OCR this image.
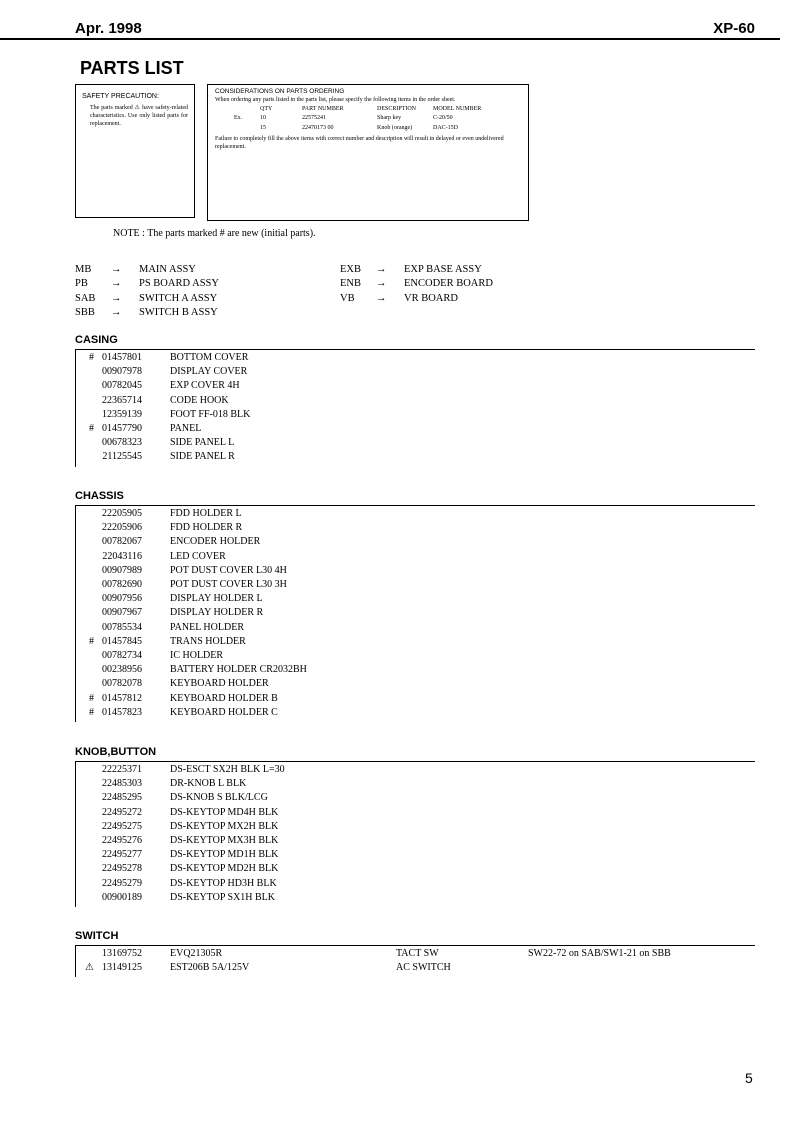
Apr. 1998	XP-60
PARTS LIST
SAFETY PRECAUTION:
The parts marked ⚠ have safety-related characteristics. Use only listed parts for replacement.
CONSIDERATIONS ON PARTS ORDERING
When ordering any parts listed in the parts list, please specify the following items in the order sheet.
QTY	PART NUMBER	DESCRIPTION	MODEL NUMBER
Ex.	10	22575241	Sharp key	C-20/50
15	22470173 00	Knob (orange)	DAC-15D
Failure to completely fill the above items with correct number and description will result in delayed or even undelivered replacement.
NOTE : The parts marked # are new (initial parts).
MB → MAIN ASSY
PB → PS BOARD ASSY
SAB → SWITCH A ASSY
SBB → SWITCH B ASSY
EXB → EXP BASE ASSY
ENB → ENCODER BOARD
VB → VR BOARD
CASING
# 01457801	BOTTOM COVER
00907978	DISPLAY COVER
00782045	EXP COVER 4H
22365714	CODE HOOK
12359139	FOOT FF-018 BLK
# 01457790	PANEL
00678323	SIDE PANEL L
21125545	SIDE PANEL R
CHASSIS
22205905	FDD HOLDER L
22205906	FDD HOLDER R
00782067	ENCODER HOLDER
22043116	LED COVER
00907989	POT DUST COVER L30 4H
00782690	POT DUST COVER L30 3H
00907956	DISPLAY HOLDER L
00907967	DISPLAY HOLDER R
00785534	PANEL HOLDER
# 01457845	TRANS HOLDER
00782734	IC HOLDER
00238956	BATTERY HOLDER CR2032BH
00782078	KEYBOARD HOLDER
# 01457812	KEYBOARD HOLDER B
# 01457823	KEYBOARD HOLDER C
KNOB,BUTTON
22225371	DS-ESCT SX2H BLK L=30
22485303	DR-KNOB L BLK
22485295	DS-KNOB S BLK/LCG
22495272	DS-KEYTOP MD4H BLK
22495275	DS-KEYTOP MX2H BLK
22495276	DS-KEYTOP MX3H BLK
22495277	DS-KEYTOP MD1H BLK
22495278	DS-KEYTOP MD2H BLK
22495279	DS-KEYTOP HD3H BLK
00900189	DS-KEYTOP SX1H BLK
SWITCH
13169752	EVQ21305R	TACT SW	SW22-72 on SAB/SW1-21 on SBB
⚠ 13149125	EST206B 5A/125V	AC SWITCH
5
